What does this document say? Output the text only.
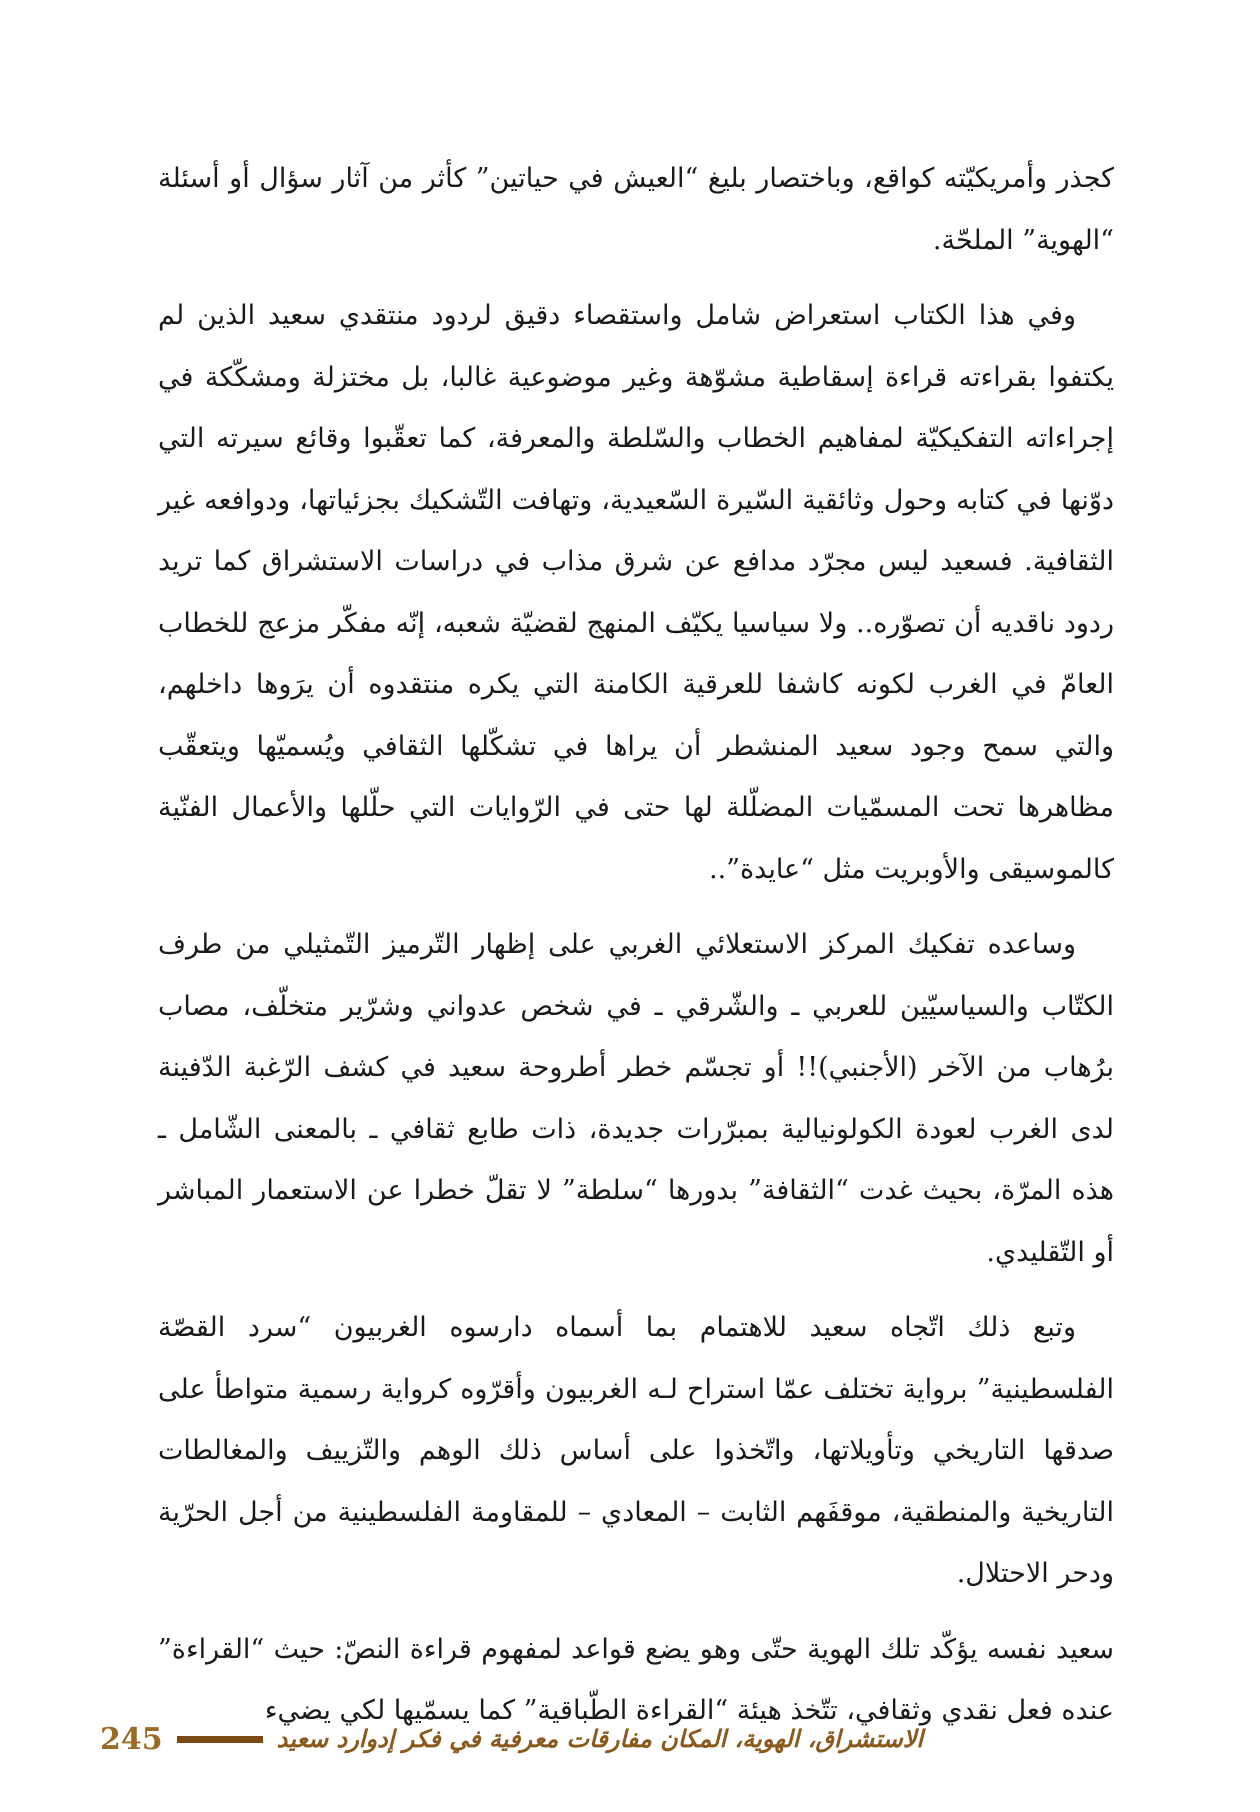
كجذر وأمريكيّته كواقع، وباختصار بليغ “العيش في حياتين” كأثر من آثار سؤال أو أسئلة “الهوية” الملحّة.

وفي هذا الكتاب استعراض شامل واستقصاء دقيق لردود منتقدي سعيد الذين لم يكتفوا بقراءته قراءة إسقاطية مشوّهة وغير موضوعية غالبا، بل مختزلة ومشكّكة في إجراءاته التفكيكيّة لمفاهيم الخطاب والسّلطة والمعرفة، كما تعقّبوا وقائع سيرته التي دوّنها في كتابه وحول وثائقية السّيرة السّعيدية، وتهافت التّشكيك بجزئياتها، ودوافعه غير الثقافية. فسعيد ليس مجرّد مدافع عن شرق مذاب في دراسات الاستشراق كما تريد ردود ناقديه أن تصوّره.. ولا سياسيا يكيّف المنهج لقضيّة شعبه، إنّه مفكّر مزعج للخطاب العامّ في الغرب لكونه كاشفا للعرقية الكامنة التي يكره منتقدوه أن يرَوها داخلهم، والتي سمح وجود سعيد المنشطر أن يراها في تشكّلها الثقافي ويُسميّها ويتعقّب مظاهرها تحت المسمّيات المضلّلة لها حتى في الرّوايات التي حلّلها والأعمال الفنّية كالموسيقى والأوبريت مثل “عايدة”..

وساعده تفكيك المركز الاستعلائي الغربي على إظهار التّرميز التّمثيلي من طرف الكتّاب والسياسيّين للعربي ـ والشّرقي ـ في شخص عدواني وشرّير متخلّف، مصاب برُهاب من الآخر (الأجنبي)!! أو تجسّم خطر أطروحة سعيد في كشف الرّغبة الدّفينة لدى الغرب لعودة الكولونيالية بمبرّرات جديدة، ذات طابع ثقافي ـ بالمعنى الشّامل ـ هذه المرّة، بحيث غدت “الثقافة” بدورها “سلطة” لا تقلّ خطرا عن الاستعمار المباشر أو التّقليدي.

وتبع ذلك اتّجاه سعيد للاهتمام بما أسماه دارسوه الغربيون “سرد القصّة الفلسطينية” برواية تختلف عمّا استراح لـه الغربيون وأقرّوه كرواية رسمية متواطأ على صدقها التاريخي وتأويلاتها، واتّخذوا على أساس ذلك الوهم والتّزييف والمغالطات التاريخية والمنطقية، موقفَهم الثابت – المعادي – للمقاومة الفلسطينية من أجل الحرّية ودحر الاحتلال.

سعيد نفسه يؤكّد تلك الهوية حتّى وهو يضع قواعد لمفهوم قراءة النصّ: حيث “القراءة” عنده فعل نقدي وثقافي، تتّخذ هيئة “القراءة الطّباقية” كما يسمّيها لكي يضيء

245	الاستشراق، الهوية، المكان مفارقات معرفية في فكر إدوارد سعيد
